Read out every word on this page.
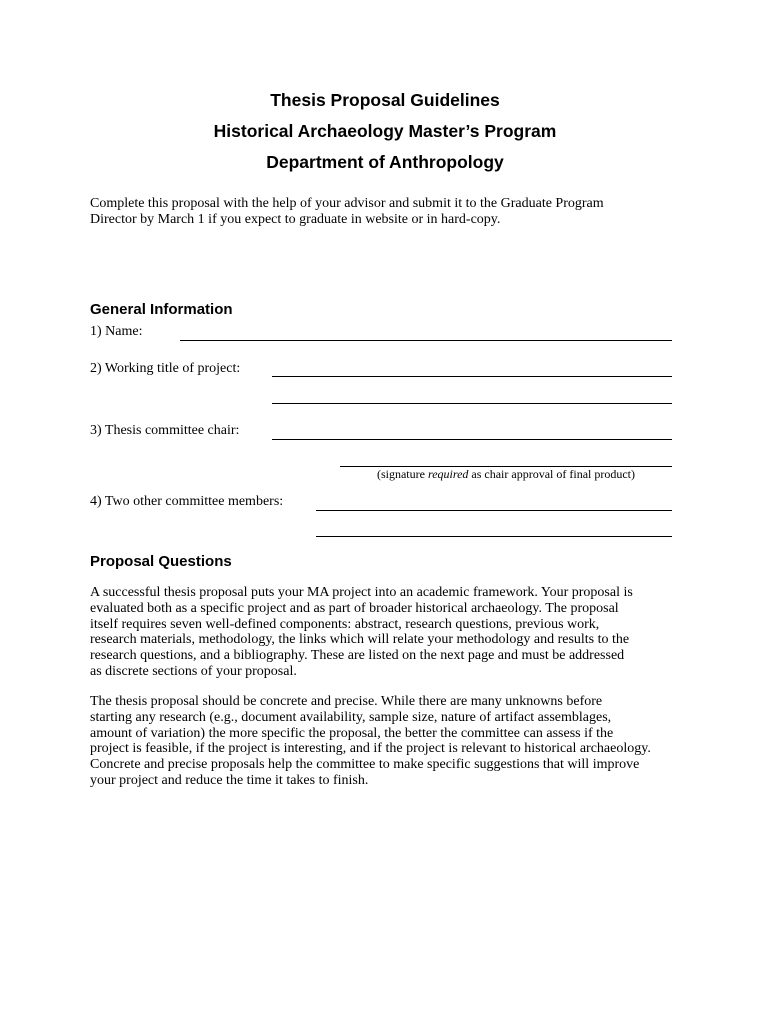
Thesis Proposal Guidelines
Historical Archaeology Master’s Program
Department of Anthropology
Complete this proposal with the help of your advisor and submit it to the Graduate Program
Director by March 1 if you expect to graduate in website or in hard-copy.
General Information
1) Name:
2) Working title of project:
3) Thesis committee chair:
(signature required as chair approval of final product)
4) Two other committee members:
Proposal Questions
A successful thesis proposal puts your MA project into an academic framework. Your proposal is
evaluated both as a specific project and as part of broader historical archaeology. The proposal
itself requires seven well-defined components: abstract, research questions, previous work,
research materials, methodology, the links which will relate your methodology and results to the
research questions, and a bibliography. These are listed on the next page and must be addressed
as discrete sections of your proposal.
The thesis proposal should be concrete and precise. While there are many unknowns before
starting any research (e.g., document availability, sample size, nature of artifact assemblages,
amount of variation) the more specific the proposal, the better the committee can assess if the
project is feasible, if the project is interesting, and if the project is relevant to historical archaeology.
Concrete and precise proposals help the committee to make specific suggestions that will improve
your project and reduce the time it takes to finish.
